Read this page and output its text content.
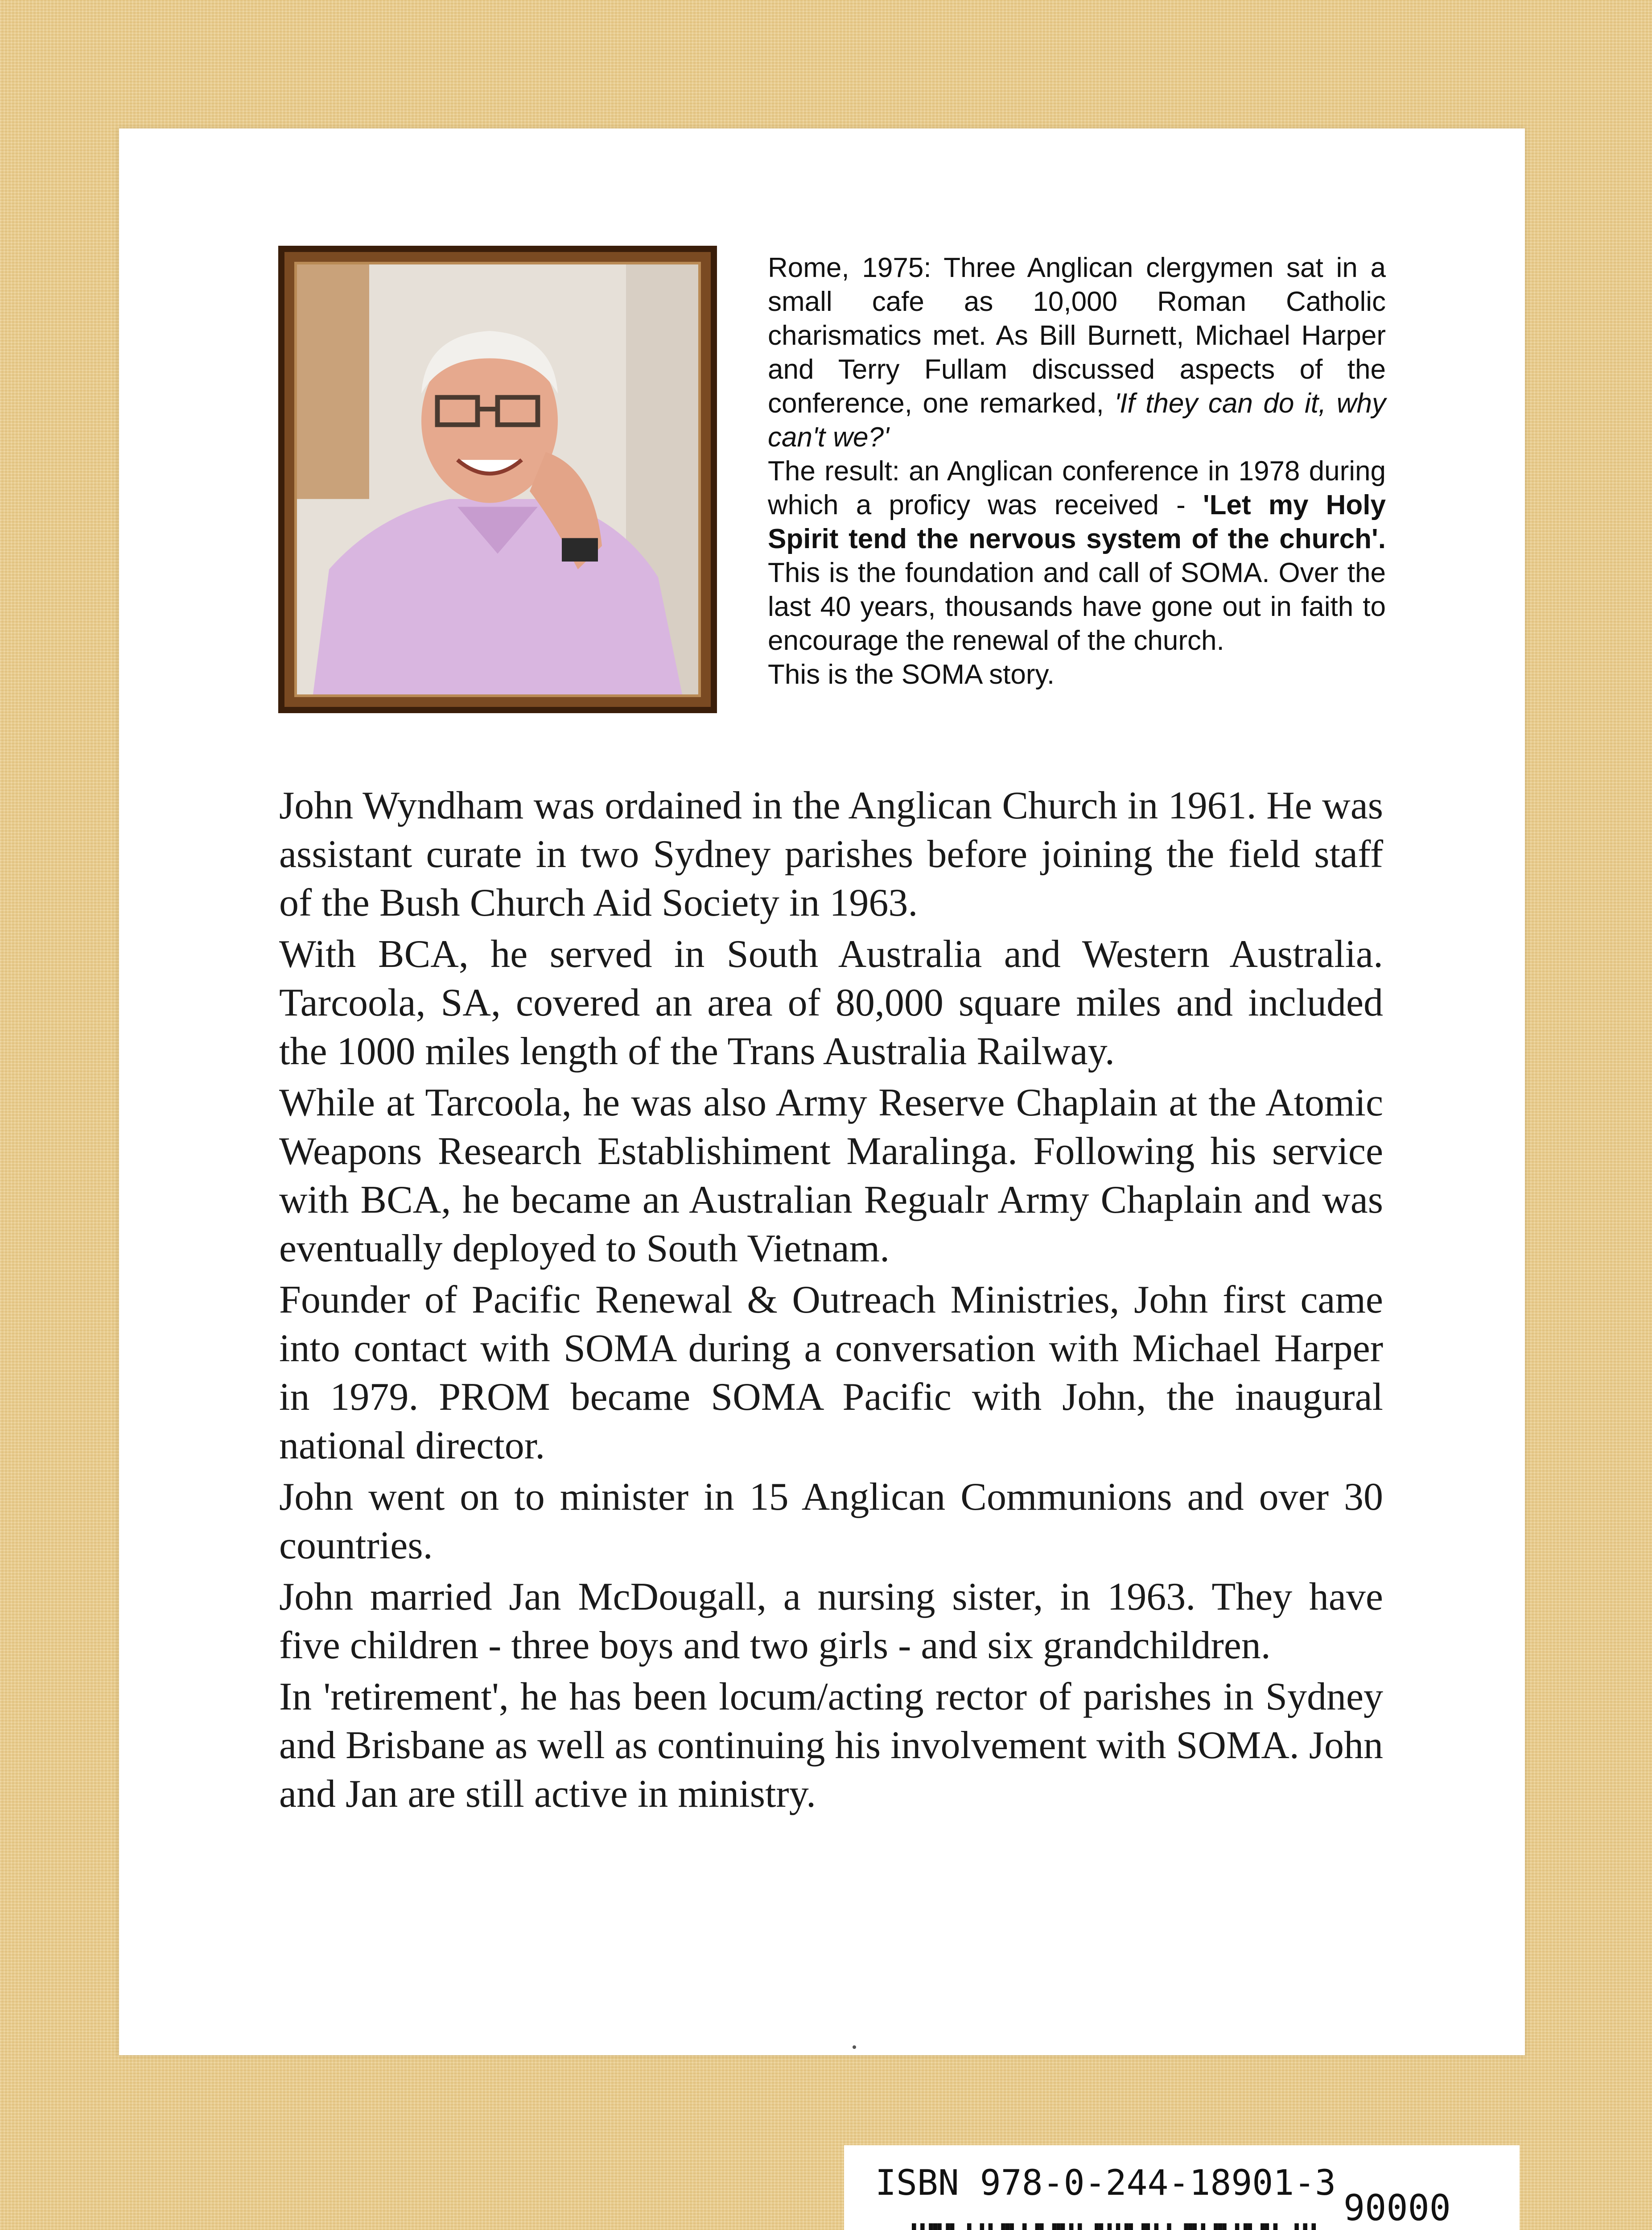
Rome, 1975: Three Anglican clergymen sat in a small cafe as 10,000 Roman Catholic charismatics met. As Bill Burnett, Michael Harper and Terry Fullam discussed aspects of the conference, one remarked, 'If they can do it, why can't we?'

The result: an Anglican conference in 1978 during which a proficy was received - 'Let my Holy Spirit tend the nervous system of the church'. This is the foundation and call of SOMA. Over the last 40 years, thousands have gone out in faith to encourage the renewal of the church.

This is the SOMA story.

John Wyndham was ordained in the Anglican Church in 1961. He was assistant curate in two Sydney parishes before joining the field staff of the Bush Church Aid Society in 1963.

With BCA, he served in South Australia and Western Australia. Tarcoola, SA, covered an area of 80,000 square miles and included the 1000 miles length of the Trans Australia Railway.

While at Tarcoola, he was also Army Reserve Chaplain at the Atomic Weapons Research Establishiment Maralinga. Following his service with BCA, he became an Australian Regualr Army Chaplain and was eventually deployed to South Vietnam.

Founder of Pacific Renewal & Outreach Ministries, John first came into contact with SOMA during a conversation with Michael Harper in 1979. PROM became SOMA Pacific with John, the inaugural national director.

John went on to minister in 15 Anglican Communions and over 30 countries.

John married Jan McDougall, a nursing sister, in 1963. They have five children - three boys and two girls - and six grandchildren.

In 'retirement', he has been locum/acting rector of parishes in Sydney and Brisbane as well as continuing his involvement with SOMA. John and Jan are still active in ministry.

ISBN 978-0-244-18901-3
90000
